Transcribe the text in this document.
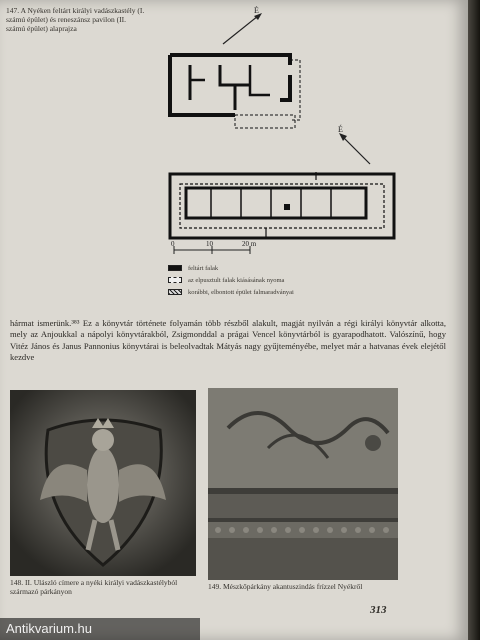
147. A Nyéken feltárt királyi vadászkastély (I. számú épület) és reneszánsz pavilon (II. számú épület) alaprajza
É
É
0	10	20 m
feltárt falak
az elpusztult falak kiásásának nyoma
korábbi, elbontott épület falmaradványai
hármat ismerünk.³⁸³ Ez a könyvtár története folyamán több részből alakult, magját nyilván a régi királyi könyvtár alkotta, mely az Anjoukkal a nápolyi könyvtárakból, Zsigmonddal a prágai Vencel könyvtárból is gyarapodhatott. Valószínű, hogy Vitéz János és Janus Pannonius könyvtárai is beleolvadtak Mátyás nagy gyűjteményébe, melyet már a hatvanas évek elejétől kezdve
148. II. Ulászló címere a nyéki királyi vadászkastélyból származó párkányon
149. Mészkőpárkány akantuszindás frízzel Nyékről
313
Antikvarium.hu
